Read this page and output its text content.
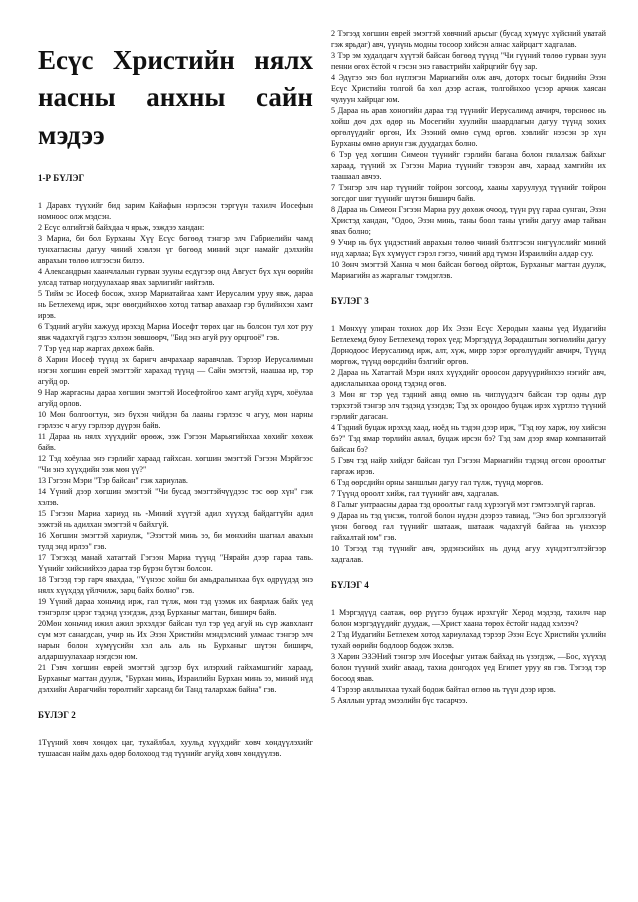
Есүс Христийн нялх
насны анхны сайн
мэдээ
1-Р БҮЛЭГ

1 Даравх түүхийг бид зарим Кайафын нэрлэсэн тэргүүн тахилч Иосефын номноос олж мэдсэн.

2 Есүс өлгийтэй байхдаа ч ярьж, ээждээ хандан:

3 Мариа, би бол Бурханы Хүү Есүс бөгөөд тэнгэр элч Габриелийн чамд тунхагласны дагуу чиний хэвлэн үг бөгөөд миний эцэг намайг дэлхийн аврахын төлөө илгээсэн билээ.

4 Александрын хаанчлалын гурван зууны есдүгээр онд Август бүх хүн өөрийн улсад татвар ногдуулахаар явах зарлигийг нийтэлв.

5 Тийм эс Иосеф босож, эхнэр Мариатайгаа хамт Иерусалим уруу явж, дараа нь Бетлехемд ирж, эцэг өвөгдийнхөө хотод татвар авахаар гэр бүлийнхэн хамт ирэв.

6 Тэдний агуйн хажууд ирэхэд Мариа Иосефт төрөх цаг нь болсон тул хот руу явж чадахгүй гэдгээ хэлээн зөвшөөрч, "Бид энэ агуй руу орцгооё" гэв.

7 Тэр үед нар жаргах дөхөж байв.

8 Харин Иосеф түүнд эх баригч авчрахаар яаравчлав. Тэрээр Иерусалимын нэгэн хөгшин еврей эмэгтэйг харахад түүнд — Сайн эмэгтэй, наашаа ир, тэр агуйд ор.

9 Нар жаргасны дараа хөгшин эмэгтэй Иосефтойгоо хамт агуйд хүрч, хоёулаа агуйд орлов.

10 Мөн болгоогтун, энэ бүхэн чийдэн ба лааны гэрлээс ч агуу, мөн нарны гэрлээс ч агуу гэрлээр дүүрэн байв.

11 Дараа нь нялх хүүхдийг өрөөж, ээж Гэгээн Марьягийнхаа хөхийг хөхөж байв.

12 Тэд хоёулаа энэ гэрлийг хараад гайхсан. хөгшин эмэгтэй Гэгээн Мэрйгээс "Чи энэ хүүхдийн ээж мөн үү?"

13 Гэгээн Мэри "Тэр байсан" гэж хариулав.

14 Үүний дээр хөгшин эмэгтэй "Чи бусад эмэгтэйчүүдээс тэс өөр хүн" гэж хэлэв.

15 Гэгээн Мариа хариуд нь -Миний хүүтэй адил хүүхэд байдаггүйн адил ээжтэй нь адилхан эмэгтэй ч байхгүй.

16 Хөгшин эмэгтэй хариулж, "Эзэгтэй минь ээ, би мөнхийн шагнал авахын тулд энд ирлээ" гэв.

17 Тэгэхэд манай хатагтай Гэгээн Мариа түүнд "Нярайн дээр гараа тавь. Үүнийг хийснийхээ дараа тэр бүрэн бүтэн болсон.

18 Тэгээд тэр гарч явахдаа, "Үүнээс хойш би амьдралынхаа бүх өдрүүдэд энэ нялх хүүхдэд үйлчилж, зарц байх болно" гэв.

19 Үүний дараа хоньчид ирж, гал түлж, мөн тэд үзэмж их баярлаж байх үед тэнгэрлэг цэрэг тэдэнд үзэгдэж, дээд Бурханыг магтан, биширч байв.

20Мөн хоньчид ижил ажил эрхэлдэг байсан тул тэр үед агуй нь сүр жавхлант сүм мэт санагдсан, учир нь Их Эзэн Христийн мэндэлсний улмаас тэнгэр элч нарын болон хүмүүсийн хэл аль аль нь Бурханыг шүтэн биширч, алдаршуулахаар нэгдсэн юм.

21 Гэвч хөгшин еврей эмэгтэй эдгээр бүх илэрхий гайхамшгийг хараад, Бурханыг магтан дуулж, "Бурхан минь, Израилийн Бурхан минь ээ, миний нүд дэлхийн Аврагчийн төрөлтийг харсанд би Танд талархаж байна" гэв.

БҮЛЭГ 2

1Түүний хөвч хөндөх цаг, тухайлбал, хуульд хүүхдийг хөвч хөндүүлэхийг тушаасан найм дахь өдөр болохоод тэд түүнийг агуйд хөвч хөндүүлэв.

2 Тэгээд хөгшин еврей эмэгтэй хөвчний арьсыг (бусад хүмүүс хүйсний уватай гэж ярьдаг) авч, үүнүнь модны тосоор хийсэн алнас хайрцагт хадгалав.

3 Тэр эм худалдагч хүүтэй байсан бөгөөд түүнд "Чи гүүний төлөө гурван зуун пенни өгөх ёстой ч гэсэн энэ гавастрийн хайрцгийг бүү зар.

4 Эдүгээ энэ бол нүглэгэн Мариагийн олж авч, доторх тосыг биднийн Эзэн Есүс Христийн толгой ба хөл дээр асгаж, толгойнхоо үсээр арчиж хаясан чулуун хайрцаг юм.

5 Дараа нь арав хоногийн дараа тэд түүнийг Иерусалимд авчирч, төрснөөс нь хойш дөч дэх өдөр нь Мосегийн хуулийн шаардлагын дагуу түүнд зохих өргөлүүдийг өргөн, Их Эзэний өмнө сүмд өргөв. хэвлийг нээсэн эр хүн Бурханы өмнө ариун гэж дуудагдах болно.

6 Тэр үед хөгшин Симеон түүнийг гэрлийн багана болон гялалзаж байхыг хараад, түүний эх Гэгээн Мариа түүнийг тэвэрэн авч, хараад хамгийн их таашаал авчээ.

7 Тэнгэр элч нар түүнийг тойрон зогсоод, хааны харуулууд түүнийг тойрон зогсдог шиг түүнийг шүтэн биширч байв.

8 Дараа нь Симеон Гэгээн Мариа руу дөхөж очоод, түүн рүү гараа сунган, Эзэн Христэд хандан, "Одоо, Эзэн минь, таны боол таны үгийн дагуу амар тайван явах болно;

9 Учир нь бүх үндэстний аврахын төлөө чиний бэлтгэсэн нигүүлслийг миний нүд харлаа; Бүх хүмүүст гэрэл гэгээ, чиний ард түмэн Израилийн алдар суу.

10 Зөнч эмэгтэй Ханна ч мөн байсан бөгөөд ойртож, Бурханыг магтан дуулж, Мариагийн аз жаргалыг тэмдэглэв.

БҮЛЭГ 3

1 Мөнхүү улиран тохиох дор Их Эзэн Есүс Херодын хааны үед Иудагийн Бетлехемд буюу Бетлехемд төрөх үед; Мэргэдүүд Зөрадаштын зөгнөлийн дагуу Дорнодоос Иерусалимд ирж, алт, хүж, мирр зэрэг өргөлүүдийг авчирч, Түүнд мөргөж, түүнд өөрсдийн бэлгийг өргөв.

2 Дараа нь Хатагтай Мэри нялх хүүхдийг ороосон даруүүрийнхээ нэгийг авч, адислалынхаа оронд тэдэнд өгөв.

3 Мөн яг тэр үед тэдний аянд өмнө нь чиглүүдэгч байсан тэр одны дүр тэрхэтэй тэнгэр элч тэдэнд үзэгдэв; Тэд эх орондоо буцаж ирэх хүртлээ түүний гэрлийг дагасан.

4 Тэдний буцаж ирэхэд хаад, ноёд нь тэдэн дээр ирж, "Тэд юу харж, юу хийсэн бэ?" Тэд ямар төрлийн аялал, буцаж ирсэн бэ? Тэд зам дээр ямар компанитай байсан бэ?

5 Гэвч тэд найр хийдэг байсан тул Гэгээн Мариагийн тэдэнд өгсөн ороолтыг гаргаж ирэв.

6 Тэд өөрсдийн орны заншлын дагуу гал түлж, түүнд мөргөв.

7 Түүнд ороолт хийж, гал түүнийг авч, хадгалав.

8 Галыг унтраасны дараа тэд ороолтыг галд хүрээгүй мэт гэмтээлгүй гаргав.

9 Дараа нь тэд үнсэж, толгой болон нүдэн дээрээ тавиад, "Энэ бол эргэлзээгүй үнэн бөгөөд гал түүнийг шатааж, шатааж чадахгүй байгаа нь үнэхээр гайхалтай юм" гэв.

10 Тэгээд тэд түүнийг авч, эрдэнэсийнх нь дунд агуу хүндэтгэлтэйгээр хадгалав.

БҮЛЭГ 4

1 Мэргэдүүд саатаж, өөр рүүгээ буцаж ирэхгүйг Херод мэдээд, тахилч нар болон мэргэдүүдийг дуудаж, —Христ хаана төрөх ёстойг надад хэлээч?

2 Тэд Иудагийн Бетлехем хотод хариулахад тэрээр Эзэн Есүс Христийн үхлийн тухай өөрийн бодлоор бодож эхлэв.

3 Харин ЭЗЭНий тэнгэр элч Иосефыг унтаж байхад нь үзэгдэж, —Бос, хүүхэд болон түүний эхийг аваад, тахиа донгодох үед Египет уруу яв гэв. Тэгээд тэр босоод явав.

4 Тэрээр аяллынхаа тухай бодож байтал өглөө нь түүн дээр ирэв.

5 Аяллын уртад эмээлийн бүс тасарчээ.
